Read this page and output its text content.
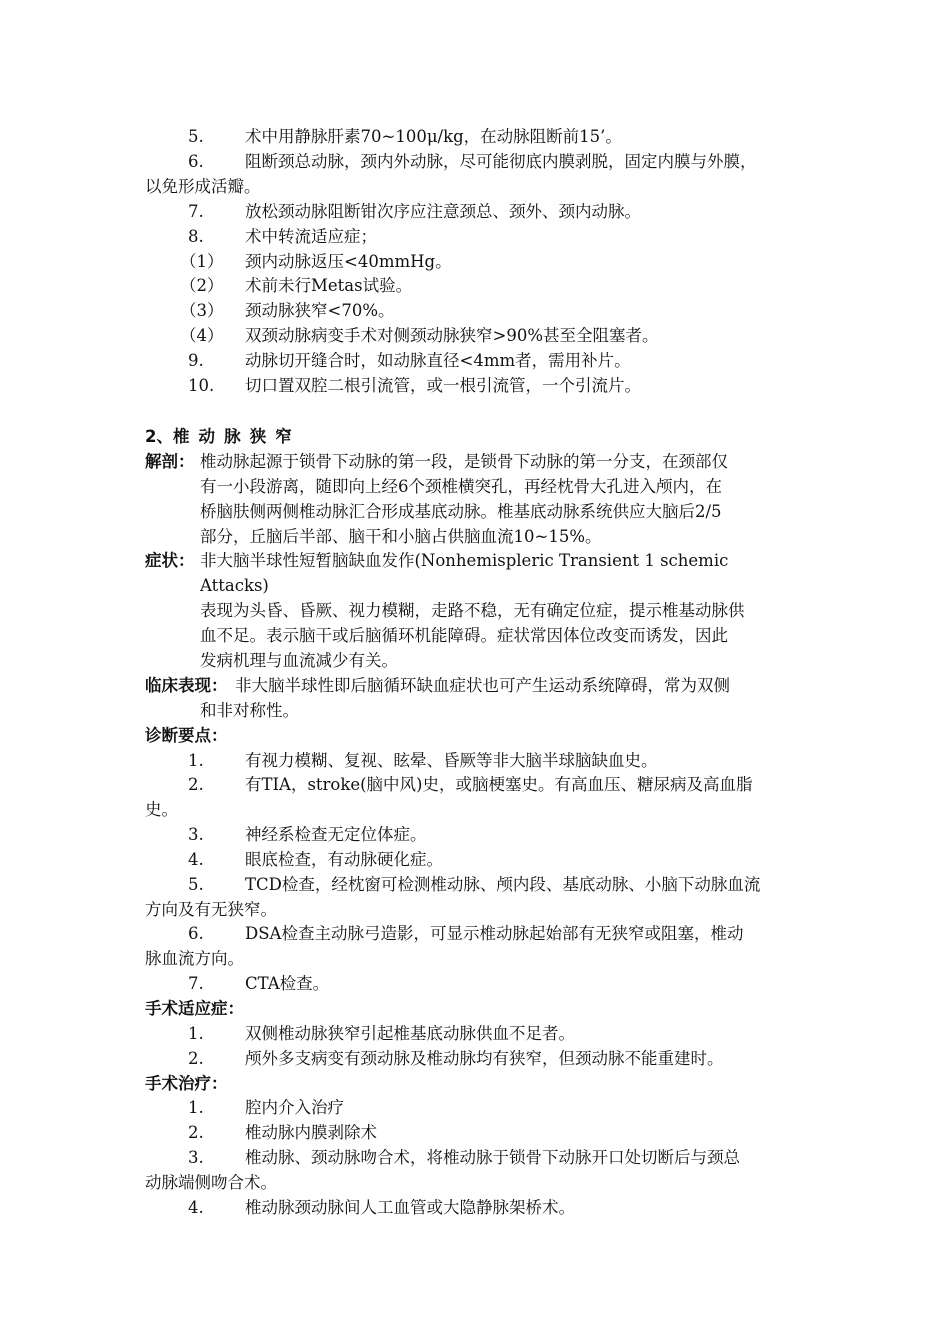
5.	术中用静脉肝素70~100μ/kg，在动脉阻断前15’。
6.	阻断颈总动脉，颈内外动脉，尽可能彻底内膜剥脱，固定内膜与外膜，
以免形成活瓣。
7.	放松颈动脉阻断钳次序应注意颈总、颈外、颈内动脉。
8.	术中转流适应症；
（1） 颈内动脉返压<40mmHg。
（2） 术前未行Metas试验。
（3） 颈动脉狭窄<70%。
（4） 双颈动脉病变手术对侧颈动脉狭窄>90%甚至全阻塞者。
9.	动脉切开缝合时，如动脉直径<4mm者，需用补片。
10. 切口置双腔二根引流管，或一根引流管，一个引流片。
2、椎动脉狭窄
解剖： 椎动脉起源于锁骨下动脉的第一段，是锁骨下动脉的第一分支，在颈部仅
有一小段游离，随即向上经6个颈椎横突孔，再经枕骨大孔进入颅内，在
桥脑肤侧两侧椎动脉汇合形成基底动脉。椎基底动脉系统供应大脑后2/5
部分，丘脑后半部、脑干和小脑占供脑血流10~15%。
症状： 非大脑半球性短暂脑缺血发作(Nonhemispleric Transient 1 schemic
Attacks)
表现为头昏、昏厥、视力模糊，走路不稳，无有确定位症，提示椎基动脉供
血不足。表示脑干或后脑循环机能障碍。症状常因体位改变而诱发，因此
发病机理与血流减少有关。
临床表现： 非大脑半球性即后脑循环缺血症状也可产生运动系统障碍，常为双侧
和非对称性。
诊断要点：
1.	有视力模糊、复视、眩晕、昏厥等非大脑半球脑缺血史。
2.	有TIA，stroke(脑中风)史，或脑梗塞史。有高血压、糖尿病及高血脂
史。
3.	神经系检查无定位体症。
4.	眼底检查，有动脉硬化症。
5.	TCD检查，经枕窗可检测椎动脉、颅内段、基底动脉、小脑下动脉血流
方向及有无狭窄。
6.	DSA检查主动脉弓造影，可显示椎动脉起始部有无狭窄或阻塞，椎动
脉血流方向。
7.	CTA检查。
手术适应症：
1.	双侧椎动脉狭窄引起椎基底动脉供血不足者。
2.	颅外多支病变有颈动脉及椎动脉均有狭窄，但颈动脉不能重建时。
手术治疗：
1.	腔内介入治疗
2.	椎动脉内膜剥除术
3.	椎动脉、颈动脉吻合术，将椎动脉于锁骨下动脉开口处切断后与颈总
动脉端侧吻合术。
4.	椎动脉颈动脉间人工血管或大隐静脉架桥术。
